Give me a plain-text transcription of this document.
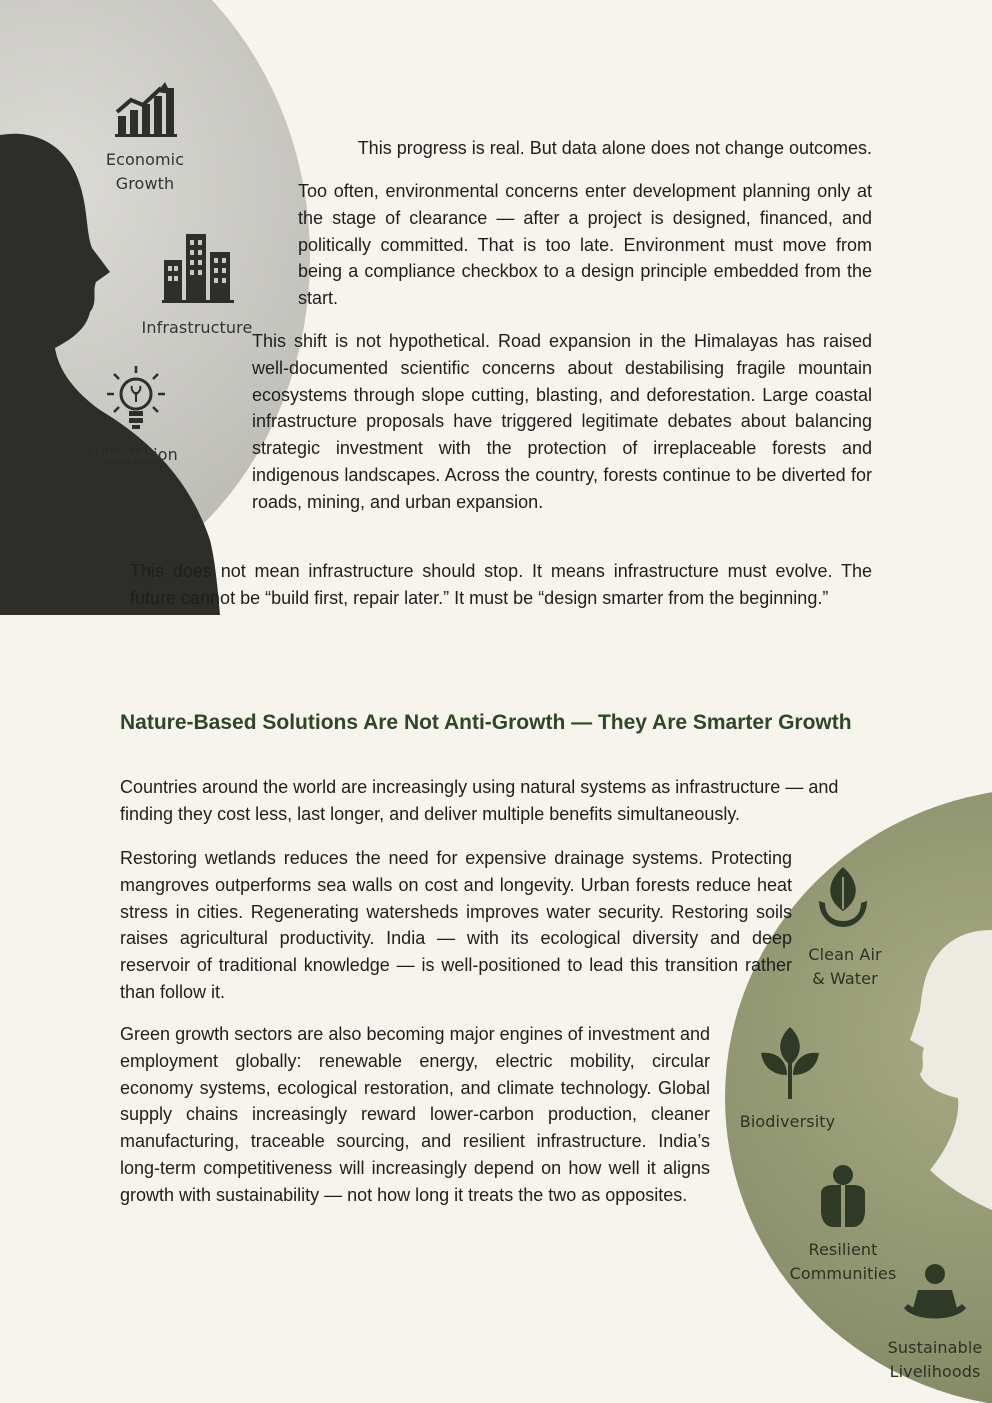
Economic
Growth
Infrastructure
Innovation
Clean Air
& Water
Biodiversity
Resilient
Communities
Sustainable
Livelihoods

This progress is real. But data alone does not change outcomes.

Too often, environmental concerns enter development planning only at the stage of clearance — after a project is designed, financed, and politically committed. That is too late. Environment must move from being a compliance checkbox to a design principle embedded from the start.

This shift is not hypothetical. Road expansion in the Himalayas has raised well-documented scientific concerns about destabilising fragile mountain ecosystems through slope cutting, blasting, and deforestation. Large coastal infrastructure proposals have triggered legitimate debates about balancing strategic investment with the protection of irreplaceable forests and indigenous landscapes. Across the country, forests continue to be diverted for roads, mining, and urban expansion.

This does not mean infrastructure should stop. It means infrastructure must evolve. The future cannot be “build first, repair later.” It must be “design smarter from the beginning.”

Nature-Based Solutions Are Not Anti-Growth — They Are Smarter Growth

Countries around the world are increasingly using natural systems as infrastructure — and finding they cost less, last longer, and deliver multiple benefits simultaneously.

Restoring wetlands reduces the need for expensive drainage systems. Protecting mangroves outperforms sea walls on cost and longevity. Urban forests reduce heat stress in cities. Regenerating watersheds improves water security. Restoring soils raises agricultural productivity. India — with its ecological diversity and deep reservoir of traditional knowledge — is well-positioned to lead this transition rather than follow it.

Green growth sectors are also becoming major engines of investment and employment globally: renewable energy, electric mobility, circular economy systems, ecological restoration, and climate technology. Global supply chains increasingly reward lower-carbon production, cleaner manufacturing, traceable sourcing, and resilient infrastructure. India’s long-term competitiveness will increasingly depend on how well it aligns growth with sustainability — not how long it treats the two as opposites.
